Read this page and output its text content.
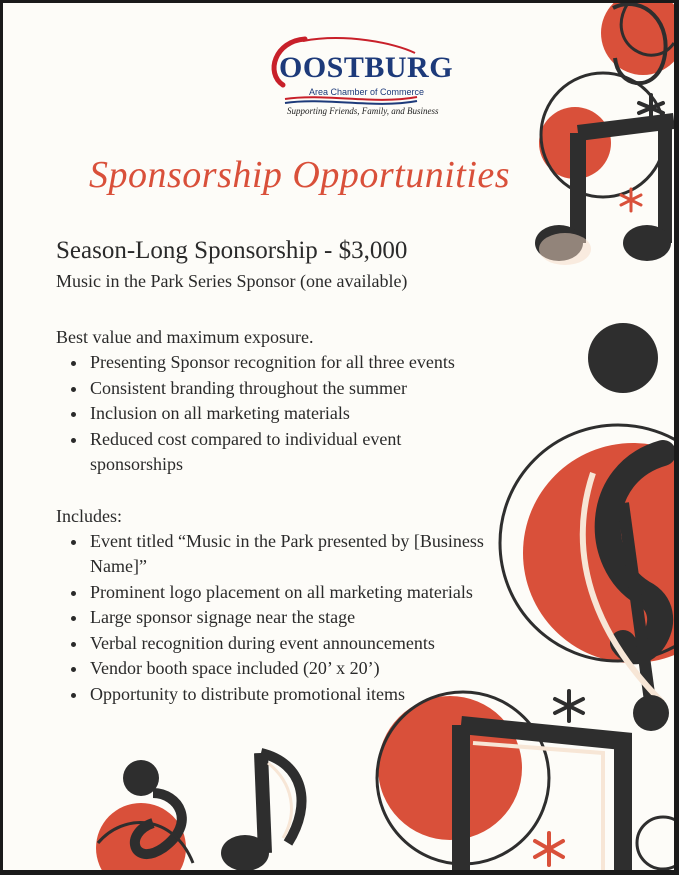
OOSTBURG
Area Chamber of Commerce
Supporting Friends, Family, and Business
Sponsorship Opportunities

Season-Long Sponsorship - $3,000

Music in the Park Series Sponsor (one available)

Best value and maximum exposure.

• Presenting Sponsor recognition for all three events
• Consistent branding throughout the summer
• Inclusion on all marketing materials
• Reduced cost compared to individual event sponsorships

Includes:

• Event titled “Music in the Park presented by [Business Name]”
• Prominent logo placement on all marketing materials
• Large sponsor signage near the stage
• Verbal recognition during event announcements
• Vendor booth space included (20’ x 20’)
• Opportunity to distribute promotional items
